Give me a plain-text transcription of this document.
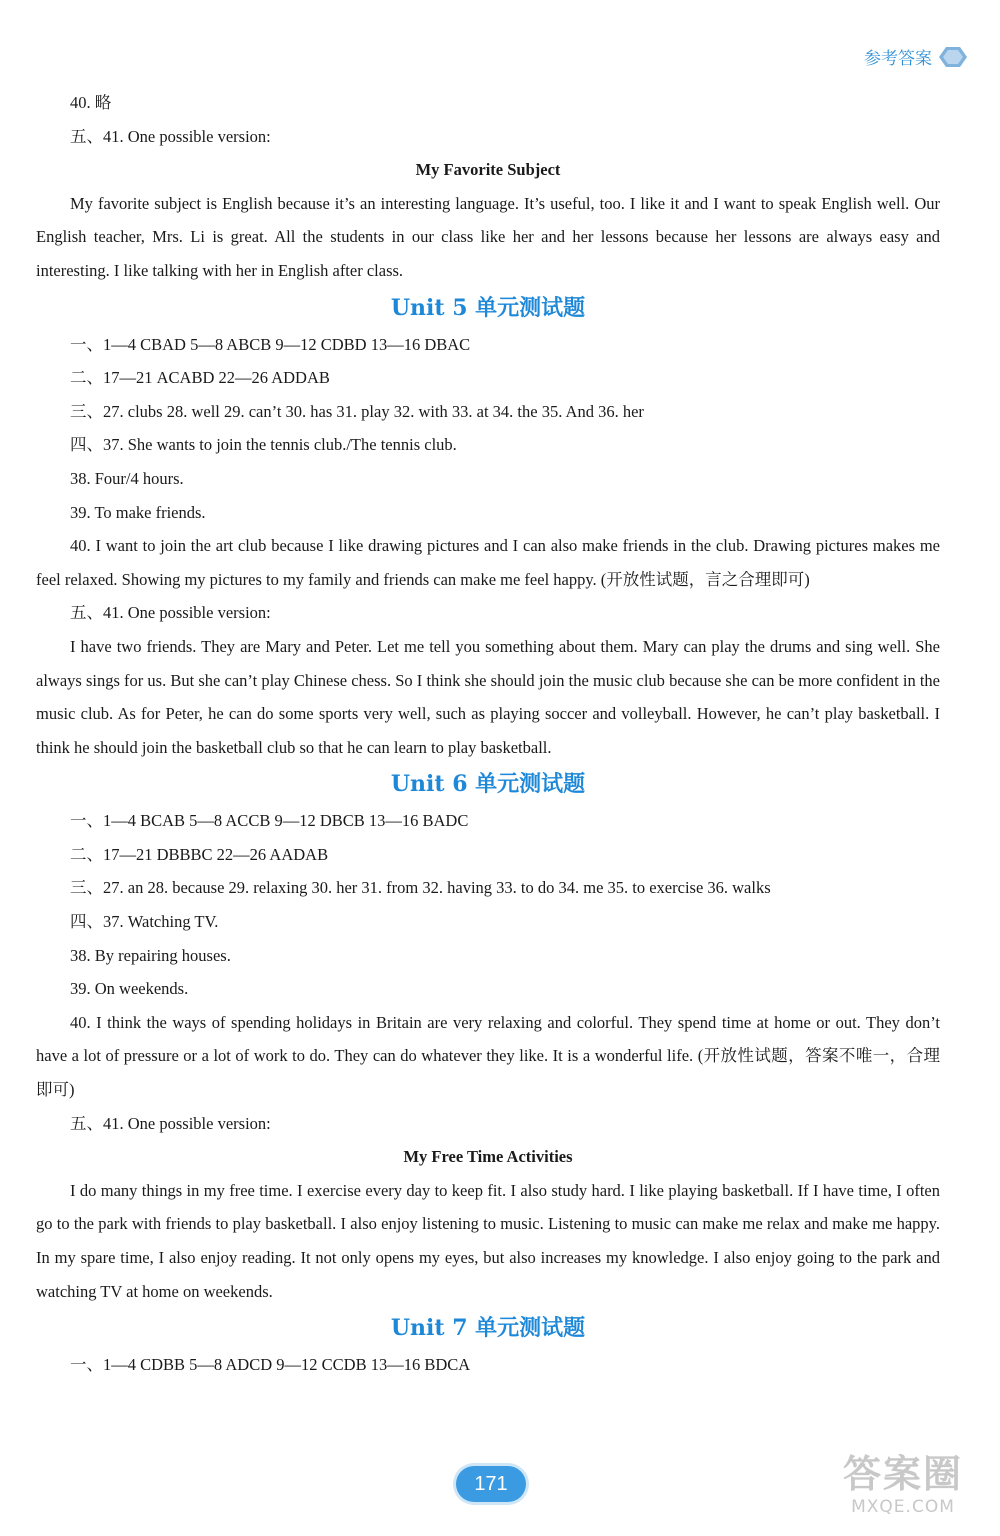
参考答案
40. 略
五、41. One possible version:
My Favorite Subject
My favorite subject is English because it’s an interesting language. It’s useful, too. I like it and I want to speak English well. Our English teacher, Mrs. Li is great. All the students in our class like her and her lessons because her lessons are always easy and interesting. I like talking with her in English after class.
Unit 5 单元测试题
一、1—4 CBAD 5—8 ABCB 9—12 CDBD 13—16 DBAC
二、17—21 ACABD 22—26 ADDAB
三、27. clubs 28. well 29. can’t 30. has 31. play 32. with 33. at 34. the 35. And 36. her
四、37. She wants to join the tennis club./The tennis club.
38. Four/4 hours.
39. To make friends.
40. I want to join the art club because I like drawing pictures and I can also make friends in the club. Drawing pictures makes me feel relaxed. Showing my pictures to my family and friends can make me feel happy. (开放性试题，言之合理即可)
五、41. One possible version:
I have two friends. They are Mary and Peter. Let me tell you something about them. Mary can play the drums and sing well. She always sings for us. But she can’t play Chinese chess. So I think she should join the music club because she can be more confident in the music club. As for Peter, he can do some sports very well, such as playing soccer and volleyball. However, he can’t play basketball. I think he should join the basketball club so that he can learn to play basketball.
Unit 6 单元测试题
一、1—4 BCAB 5—8 ACCB 9—12 DBCB 13—16 BADC
二、17—21 DBBBC 22—26 AADAB
三、27. an 28. because 29. relaxing 30. her 31. from 32. having 33. to do 34. me 35. to exercise 36. walks
四、37. Watching TV.
38. By repairing houses.
39. On weekends.
40. I think the ways of spending holidays in Britain are very relaxing and colorful. They spend time at home or out. They don’t have a lot of pressure or a lot of work to do. They can do whatever they like. It is a wonderful life. (开放性试题，答案不唯一，合理即可)
五、41. One possible version:
My Free Time Activities
I do many things in my free time. I exercise every day to keep fit. I also study hard. I like playing basketball. If I have time, I often go to the park with friends to play basketball. I also enjoy listening to music. Listening to music can make me relax and make me happy. In my spare time, I also enjoy reading. It not only opens my eyes, but also increases my knowledge. I also enjoy going to the park and watching TV at home on weekends.
Unit 7 单元测试题
一、1—4 CDBB 5—8 ADCD 9—12 CCDB 13—16 BDCA
171	答案圈
MXQE.COM
